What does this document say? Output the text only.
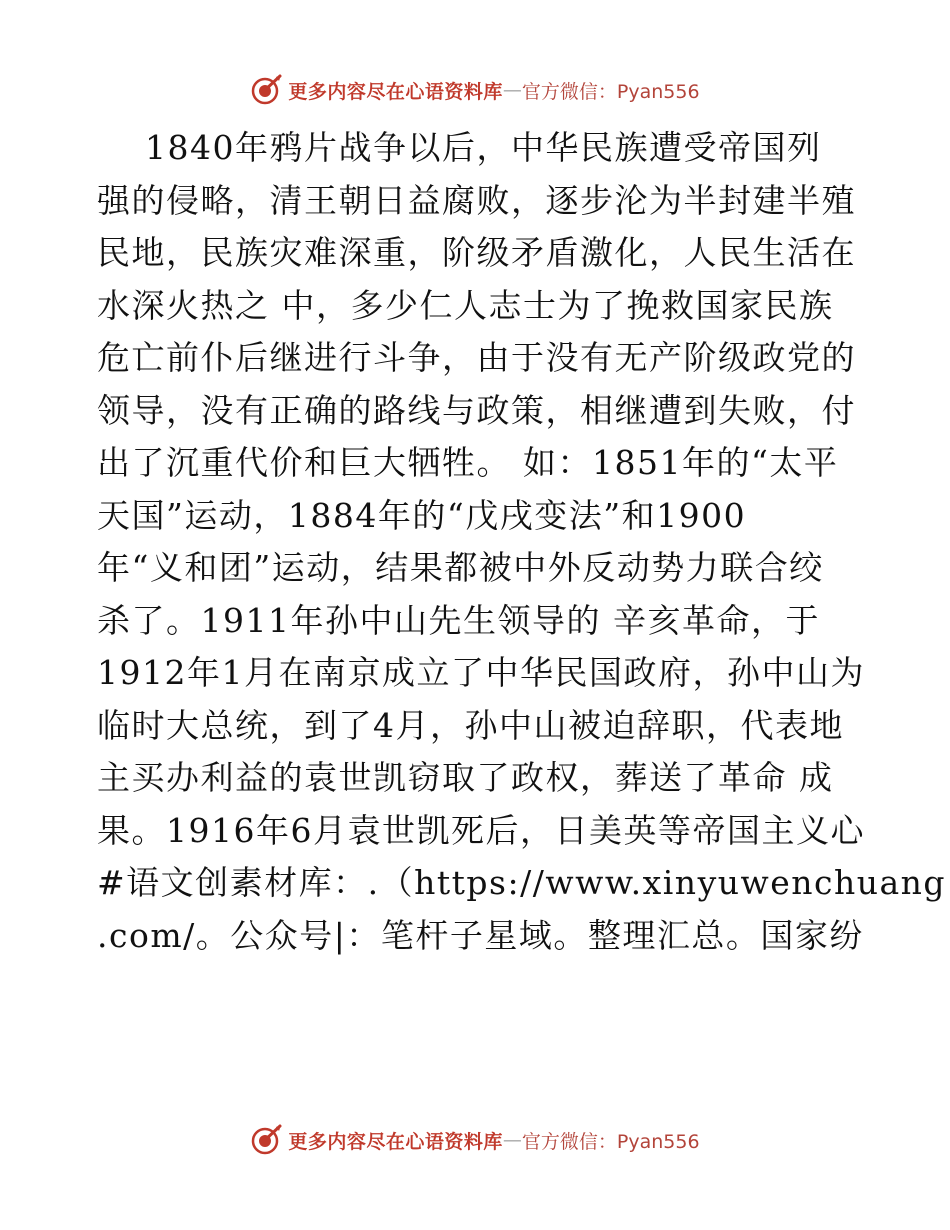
更多内容尽在心语资料库 — 官方微信：Pyan556
1840年鸦片战争以后，中华民族遭受帝国列
强的侵略，清王朝日益腐败，逐步沦为半封建半殖
民地，民族灾难深重，阶级矛盾激化，人民生活在
水深火热之 中，多少仁人志士为了挽救国家民族
危亡前仆后继进行斗争，由于没有无产阶级政党的
领导，没有正确的路线与政策，相继遭到失败，付
出了沉重代价和巨大牺牲。 如：1851年的“太平
天国”运动，1884年的“戊戌变法”和1900
年“义和团”运动，结果都被中外反动势力联合绞
杀了。1911年孙中山先生领导的 辛亥革命，于
1912年1月在南京成立了中华民国政府，孙中山为
临时大总统，到了4月，孙中山被迫辞职，代表地
主买办利益的袁世凯窃取了政权，葬送了革命 成
果。1916年6月袁世凯死后，日美英等帝国主义心
#语文创素材库：.（https://www.xinyuwenchuang
.com/。公众号|：笔杆子星域。整理汇总。国家纷
更多内容尽在心语资料库 — 官方微信：Pyan556
